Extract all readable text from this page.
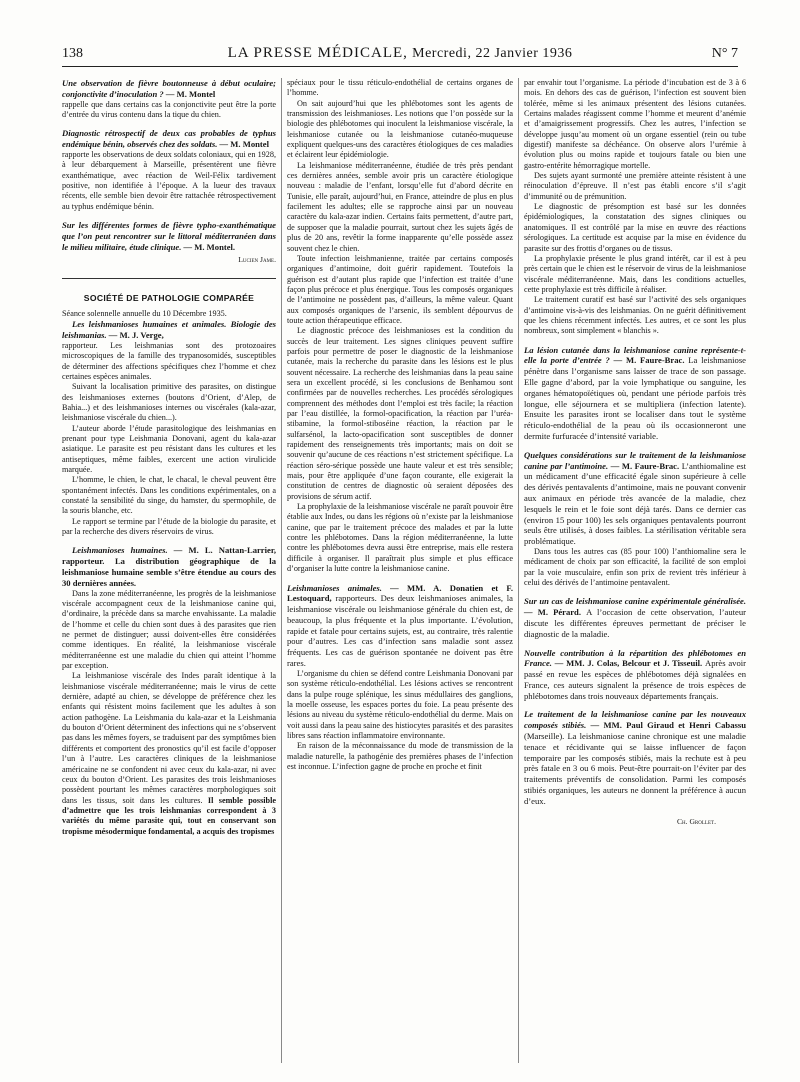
138	LA PRESSE MÉDICALE, Mercredi, 22 Janvier 1936	N° 7

Une observation de fièvre boutonneuse à début oculaire; conjonctivite d’inoculation ? — M. Montel

rappelle que dans certains cas la conjonctivite peut être la porte d’entrée du virus contenu dans la tique du chien.

Diagnostic rétrospectif de deux cas probables de typhus endémique bénin, observés chez des soldats. — M. Montel

rapporte les observations de deux soldats coloniaux, qui en 1928, à leur débarquement à Marseille, présentèrent une fièvre exanthématique, avec réaction de Weil-Félix tardivement positive, non identifiée à l’époque. A la lueur des travaux récents, elle semble bien devoir être rattachée rétrospectivement au typhus endémique bénin.

Sur les différentes formes de fièvre typho-exanthématique que l’on peut rencontrer sur le littoral méditerranéen dans le milieu militaire, étude clinique. — M. Montel.

Lucien Jame.

SOCIÉTÉ DE PATHOLOGIE COMPARÉE

Séance solennelle annuelle du 10 Décembre 1935.

Les leishmanioses humaines et animales. Biologie des leishmanias. — M. J. Verge,

rapporteur. Les leishmanias sont des protozoaires microscopiques de la famille des trypanosomidés, susceptibles de déterminer des affections spécifiques chez l’homme et chez certaines espèces animales.

Suivant la localisation primitive des parasites, on distingue des leishmanioses externes (boutons d’Orient, d’Alep, de Bahia...) et des leishmanioses internes ou viscérales (kala-azar, leishmaniose viscérale du chien...).

L’auteur aborde l’étude parasitologique des leishmanias en prenant pour type Leishmania Donovani, agent du kala-azar asiatique. Le parasite est peu résistant dans les cultures et les antiseptiques, même faibles, exercent une action virulicide marquée.

L’homme, le chien, le chat, le chacal, le cheval peuvent être spontanément infectés. Dans les conditions expérimentales, on a constaté la sensibilité du singe, du hamster, du spermophile, de la souris blanche, etc.

Le rapport se termine par l’étude de la biologie du parasite, et par la recherche des divers réservoirs de virus.

Leishmanioses humaines. — M. L. Nattan-Larrier, rapporteur. La distribution géographique de la leishmaniose humaine semble s’être étendue au cours des 30 dernières années.

Dans la zone méditerranéenne, les progrès de la leishmaniose viscérale accompagnent ceux de la leishmaniose canine qui, d’ordinaire, la précède dans sa marche envahissante. La maladie de l’homme et celle du chien sont dues à des parasites que rien ne permet de distinguer; aussi doivent-elles être considérées comme identiques. En réalité, la leishmaniose viscérale méditerranéenne est une maladie du chien qui atteint l’homme par exception.

La leishmaniose viscérale des Indes paraît identique à la leishmaniose viscérale méditerranéenne; mais le virus de cette dernière, adapté au chien, se développe de préférence chez les enfants qui résistent moins facilement que les adultes à son action pathogène. La Leishmania du kala-azar et la Leishmania du bouton d’Orient déterminent des infections qui ne s’observent pas dans les mêmes foyers, se traduisent par des symptômes bien différents et comportent des pronostics qu’il est facile d’opposer l’un à l’autre. Les caractères cliniques de la leishmaniose américaine ne se confondent ni avec ceux du kala-azar, ni avec ceux du bouton d’Orient. Les parasites des trois leishmanioses possèdent pourtant les mêmes caractères morphologiques soit dans les tissus, soit dans les cultures. Il semble possible d’admettre que les trois leishmanias correspondent à 3 variétés du même parasite qui, tout en conservant son tropisme mésodermique fondamental, a acquis des tropismes

spéciaux pour le tissu réticulo-endothélial de certains organes de l’homme.

On sait aujourd’hui que les phlébotomes sont les agents de transmission des leishmanioses. Les notions que l’on possède sur la biologie des phlébotomes qui inoculent la leishmaniose viscérale, la leishmaniose cutanée ou la leishmaniose cutanéo-muqueuse expliquent quelques-uns des caractères étiologiques de ces maladies et éclairent leur épidémiologie.

La leishmaniose méditerranéenne, étudiée de très près pendant ces dernières années, semble avoir pris un caractère étiologique nouveau : maladie de l’enfant, lorsqu’elle fut d’abord décrite en Tunisie, elle paraît, aujourd’hui, en France, atteindre de plus en plus facilement les adultes; elle se rapproche ainsi par un nouveau caractère du kala-azar indien. Certains faits permettent, d’autre part, de supposer que la maladie pourrait, surtout chez les sujets âgés de plus de 20 ans, revêtir la forme inapparente qu’elle possède assez souvent chez le chien.

Toute infection leishmanienne, traitée par certains composés organiques d’antimoine, doit guérir rapidement. Toutefois la guérison est d’autant plus rapide que l’infection est traitée d’une façon plus précoce et plus énergique. Tous les composés organiques de l’antimoine ne possèdent pas, d’ailleurs, la même valeur. Quant aux composés organiques de l’arsenic, ils semblent dépourvus de toute action thérapeutique efficace.

Le diagnostic précoce des leishmanioses est la condition du succès de leur traitement. Les signes cliniques peuvent suffire parfois pour permettre de poser le diagnostic de la leishmaniose cutanée, mais la recherche du parasite dans les lésions est le plus souvent nécessaire. La recherche des leishmanias dans la peau saine sera un excellent procédé, si les conclusions de Benhamou sont confirmées par de nouvelles recherches. Les procédés sérologiques comprennent des méthodes dont l’emploi est très facile; la réaction par l’eau distillée, la formol-opacification, la réaction par l’uréa-stibamine, la formol-stiboséine réaction, la réaction par le sulfarsénol, la lacto-opacification sont susceptibles de donner rapidement des renseignements très importants; mais on doit se souvenir qu’aucune de ces réactions n’est strictement spécifique. La réaction séro-sérique possède une haute valeur et est très sensible; mais, pour être appliquée d’une façon courante, elle exigerait la constitution de centres de diagnostic où seraient déposées des provisions de sérum actif.

La prophylaxie de la leishmaniose viscérale ne paraît pouvoir être établie aux Indes, ou dans les régions où n’existe par la leishmaniose canine, que par le traitement précoce des malades et par la lutte contre les phlébotomes. Dans la région méditerranéenne, la lutte contre les phlébotomes devra aussi être entreprise, mais elle restera difficile à organiser. Il paraîtrait plus simple et plus efficace d’organiser la lutte contre la leishmaniose canine.

Leishmanioses animales. — MM. A. Donatien et F. Lestoquard, rapporteurs. Des deux leishmanioses animales, la leishmaniose viscérale ou leishmaniose générale du chien est, de beaucoup, la plus fréquente et la plus importante. L’évolution, rapide et fatale pour certains sujets, est, au contraire, très ralentie pour d’autres. Les cas d’infection sans maladie sont assez fréquents. Les cas de guérison spontanée ne doivent pas être rares.

L’organisme du chien se défend contre Leishmania Donovani par son système réticulo-endothélial. Les lésions actives se rencontrent dans la pulpe rouge splénique, les sinus médullaires des ganglions, la moelle osseuse, les espaces portes du foie. La peau présente des lésions au niveau du système réticulo-endothélial du derme. Mais on voit aussi dans la peau saine des histiocytes parasités et des parasites libres sans réaction inflammatoire environnante.

En raison de la méconnaissance du mode de transmission de la maladie naturelle, la pathogénie des premières phases de l’infection est inconnue. L’infection gagne de proche en proche et finit

par envahir tout l’organisme. La période d’incubation est de 3 à 6 mois. En dehors des cas de guérison, l’infection est souvent bien tolérée, même si les animaux présentent des lésions cutanées. Certains malades réagissent comme l’homme et meurent d’anémie et d’amaigrissement progressifs. Chez les autres, l’infection se développe jusqu’au moment où un organe essentiel (rein ou tube digestif) manifeste sa déchéance. On observe alors l’urémie à évolution plus ou moins rapide et toujours fatale ou bien une gastro-entérite hémorragique mortelle.

Des sujets ayant surmonté une première atteinte résistent à une réinoculation d’épreuve. Il n’est pas établi encore s’il s’agit d’immunité ou de prémunition.

Le diagnostic de présomption est basé sur les données épidémiologiques, la constatation des signes cliniques ou anatomiques. Il est contrôlé par la mise en œuvre des réactions sérologiques. La certitude est acquise par la mise en évidence du parasite sur des frottis d’organes ou de tissus.

La prophylaxie présente le plus grand intérêt, car il est à peu près certain que le chien est le réservoir de virus de la leishmaniose viscérale méditerranéenne. Mais, dans les conditions actuelles, cette prophylaxie est très difficile à réaliser.

Le traitement curatif est basé sur l’activité des sels organiques d’antimoine vis-à-vis des leishmanias. On ne guérit définitivement que les chiens récemment infectés. Les autres, et ce sont les plus nombreux, sont simplement « blanchis ».

La lésion cutanée dans la leishmaniose canine représente-t-elle la porte d’entrée ? — M. Faure-Brac. La leishmaniose pénètre dans l’organisme sans laisser de trace de son passage. Elle gagne d’abord, par la voie lymphatique ou sanguine, les organes hématopoïétiques où, pendant une période parfois très longue, elle séjournera et se multipliera (infection latente). Ensuite les parasites iront se localiser dans tout le système réticulo-endothélial de la peau où ils occasionneront une dermite furfuracée d’intensité variable.

Quelques considérations sur le traitement de la leishmaniose canine par l’antimoine. — M. Faure-Brac. L’anthiomaline est un médicament d’une efficacité égale sinon supérieure à celle des dérivés pentavalents d’antimoine, mais ne pouvant convenir aux animaux en période très avancée de la maladie, chez lesquels le rein et le foie sont déjà tarés. Dans ce dernier cas (environ 15 pour 100) les sels organiques pentavalents pourront seuls être utilisés, à doses faibles. La stérilisation véritable sera problématique.

Dans tous les autres cas (85 pour 100) l’anthiomaline sera le médicament de choix par son efficacité, la facilité de son emploi par la voie musculaire, enfin son prix de revient très inférieur à celui des dérivés de l’antimoine pentavalent.

Sur un cas de leishmaniose canine expérimentale généralisée. — M. Pérard. A l’occasion de cette observation, l’auteur discute les différentes épreuves permettant de préciser le diagnostic de la maladie.

Nouvelle contribution à la répartition des phlébotomes en France. — MM. J. Colas, Belcour et J. Tisseuil. Après avoir passé en revue les espèces de phlébotomes déjà signalées en France, ces auteurs signalent la présence de trois espèces de phlébotomes dans trois nouveaux départements français.

Le traitement de la leishmaniose canine par les nouveaux composés stibiés. — MM. Paul Giraud et Henri Cabassu (Marseille). La leishmaniose canine chronique est une maladie tenace et récidivante qui se laisse influencer de façon temporaire par les composés stibiés, mais la rechute est à peu près fatale en 3 ou 6 mois. Peut-être pourrait-on l’éviter par des traitements préventifs de consolidation. Parmi les composés stibiés organiques, les auteurs ne donnent la préférence à aucun d’eux.

Ch. Grollet.
